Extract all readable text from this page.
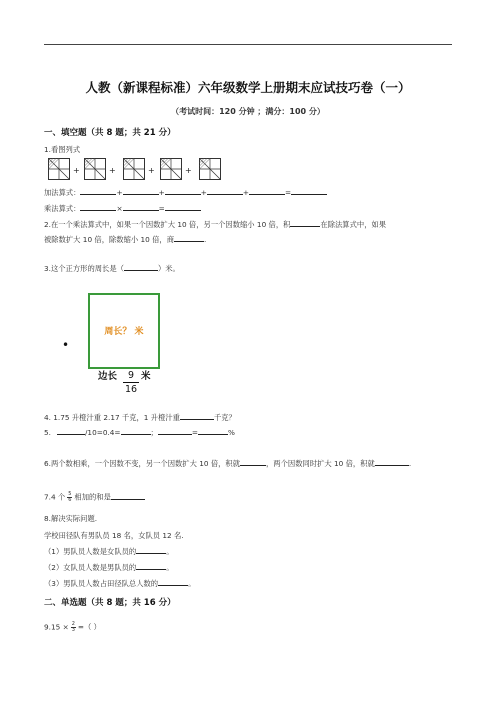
人教（新课程标准）六年级数学上册期末应试技巧卷（一）
（考试时间：120 分钟 ；满分：100 分）
一、填空题（共 8 题；共 21 分）
1.看图列式
+	+	+	+
加法算式：	+	+	+	+	=
乘法算式：	×	=
2.在一个乘法算式中，如果一个因数扩大 10 倍，另一个因数缩小 10 倍，积	在除法算式中，如果
被除数扩大 10 倍，除数缩小 10 倍，商	.
3.这个正方形的周长是（	）米。
周长？ 米
•
边长 $\frac{9}{16}$ 米
4. 1.75 升橙汁重 2.17 千克，1 升橙汁重	千克？
5.	/10=0.4=	；	=	%
6.两个数相乘，一个因数不变，另一个因数扩大 10 倍，积就	，两个因数同时扩大 10 倍，积就	.
7.4 个 $\frac{5}{6}$ 相加的和是
8.解决实际问题.
学校田径队有男队员 18 名，女队员 12 名.
（1）男队员人数是女队员的	。
（2）女队员人数是男队员的	。
（3）男队员人数占田径队总人数的	。
二、单选题（共 8 题；共 16 分）
$9.15 \times \frac{2}{3}$ =（ ）
